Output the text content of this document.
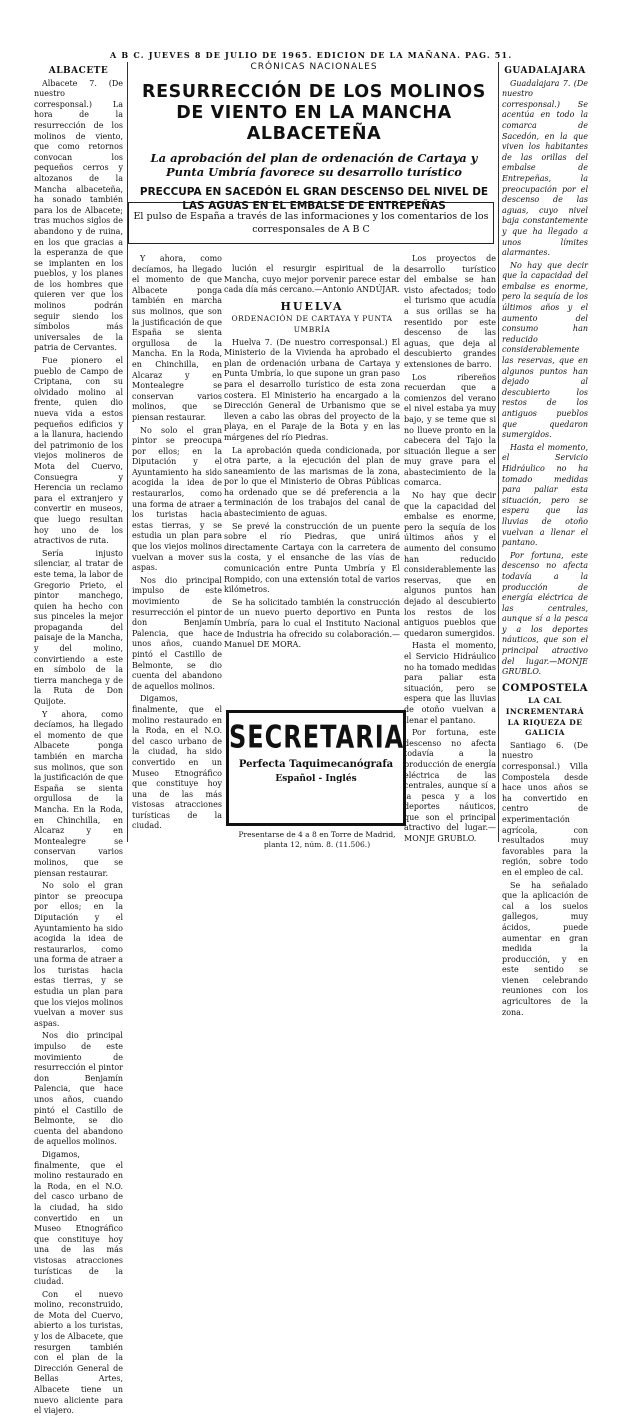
A B C. JUEVES 8 DE JULIO DE 1965. EDICION DE LA MAÑANA. PAG. 51.
ALBACETE

Albacete 7. (De nuestro corresponsal.) La hora de la resurrección de los molinos de viento, que como retornos convocan los pequeños cerros y altozanos de la Mancha albaceteña, ha sonado también para los de Albacete; tras muchos siglos de abandono y de ruina, en los que gracias a la esperanza de que se implanten en los pueblos, y los planes de los hombres que quieren ver que los molinos podrán seguir siendo los símbolos más universales de la patria de Cervantes.

Fue pionero el pueblo de Campo de Criptana, con su olvidado molino al frente, quien dio nueva vida a estos pequeños edificios y a la llanura, haciendo del patrimonio de los viejos molineros de Mota del Cuervo, Consuegra y Herencia un reclamo para el extranjero y convertir en museos, que luego resultan hoy uno de los atractivos de ruta.

Sería injusto silenciar, al tratar de este tema, la labor de Gregorio Prieto, el pintor manchego, quien ha hecho con sus pinceles la mejor propaganda del paisaje de la Mancha, y del molino, convirtiendo a este en símbolo de la tierra manchega y de la Ruta de Don Quijote.

Y ahora, como decíamos, ha llegado el momento de que Albacete ponga también en marcha sus molinos, que son la justificación de que España se sienta orgullosa de la Mancha. En la Roda, en Chinchilla, en Alcaraz y en Montealegre se conservan varios molinos, que se piensan restaurar.

No solo el gran pintor se preocupa por ellos; en la Diputación y el Ayuntamiento ha sido acogida la idea de restaurarlos, como una forma de atraer a los turistas hacia estas tierras, y se estudia un plan para que los viejos molinos vuelvan a mover sus aspas.

Nos dio principal impulso de este movimiento de resurrección el pintor don Benjamín Palencia, que hace unos años, cuando pintó el Castillo de Belmonte, se dio cuenta del abandono de aquellos molinos.

Digamos, finalmente, que el molino restaurado en la Roda, en el N.O. del casco urbano de la ciudad, ha sido convertido en un Museo Etnográfico que constituye hoy una de las más vistosas atracciones turísticas de la ciudad.

Con el nuevo molino, reconstruido, de Mota del Cuervo, abierto a los turistas, y los de Albacete, que resurgen también con el plan de la Dirección General de Bellas Artes, Albacete tiene un nuevo aliciente para el viajero.

CRÓNICAS NACIONALES
RESURRECCIÓN DE LOS MOLINOS DE VIENTO EN LA MANCHA ALBACETEÑA
La aprobación del plan de ordenación de Cartaya y Punta Umbría favorece su desarrollo turístico
PRECCUPA EN SACEDÓN EL GRAN DESCENSO DEL NIVEL DE LAS AGUAS EN EL EMBALSE DE ENTREPEÑAS
El pulso de España a través de las informaciones y los comentarios de los corresponsales de A B C

Y ahora, como decíamos, ha llegado el momento de que Albacete ponga también en marcha sus molinos, que son la justificación de que España se sienta orgullosa de la Mancha. En la Roda, en Chinchilla, en Alcaraz y en Montealegre se conservan varios molinos, que se piensan restaurar.

No solo el gran pintor se preocupa por ellos; en la Diputación y el Ayuntamiento ha sido acogida la idea de restaurarlos, como una forma de atraer a los turistas hacia estas tierras, y se estudia un plan para que los viejos molinos vuelvan a mover sus aspas.

Nos dio principal impulso de este movimiento de resurrección el pintor don Benjamín Palencia, que hace unos años, cuando pintó el Castillo de Belmonte, se dio cuenta del abandono de aquellos molinos.

Digamos, finalmente, que el molino restaurado en la Roda, en el N.O. del casco urbano de la ciudad, ha sido convertido en un Museo Etnográfico que constituye hoy una de las más vistosas atracciones turísticas de la ciudad.

lución el resurgir espiritual de la Mancha, cuyo mejor porvenir parece estar cada día más cercano.—Antonio ANDÚJAR.

HUELVA
ORDENACIÓN DE CARTAYA Y PUNTA UMBRÍA

Huelva 7. (De nuestro corresponsal.) El Ministerio de la Vivienda ha aprobado el plan de ordenación urbana de Cartaya y Punta Umbría, lo que supone un gran paso para el desarrollo turístico de esta zona costera. El Ministerio ha encargado a la Dirección General de Urbanismo que se lleven a cabo las obras del proyecto de la playa, en el Paraje de la Bota y en las márgenes del río Piedras.

La aprobación queda condicionada, por otra parte, a la ejecución del plan de saneamiento de las marismas de la zona, por lo que el Ministerio de Obras Públicas ha ordenado que se dé preferencia a la terminación de los trabajos del canal de abastecimiento de aguas.

Se prevé la construcción de un puente sobre el río Piedras, que unirá directamente Cartaya con la carretera de la costa, y el ensanche de las vías de comunicación entre Punta Umbría y El Rompido, con una extensión total de varios kilómetros.

Se ha solicitado también la construcción de un nuevo puerto deportivo en Punta Umbría, para lo cual el Instituto Nacional de Industria ha ofrecido su colaboración.—Manuel DE MORA.

SECRETARIA
Perfecta Taquimecanógrafa
Español - Inglés
Presentarse de 4 a 8 en Torre de Madrid, planta 12, núm. 8. (11.506.)

Los proyectos de desarrollo turístico del embalse se han visto afectados; todo el turismo que acudía a sus orillas se ha resentido por este descenso de las aguas, que deja al descubierto grandes extensiones de barro.

Los ribereños recuerdan que a comienzos del verano el nivel estaba ya muy bajo, y se teme que si no llueve pronto en la cabecera del Tajo la situación llegue a ser muy grave para el abastecimiento de la comarca.

No hay que decir que la capacidad del embalse es enorme, pero la sequía de los últimos años y el aumento del consumo han reducido considerablemente las reservas, que en algunos puntos han dejado al descubierto los restos de los antiguos pueblos que quedaron sumergidos.

Hasta el momento, el Servicio Hidráulico no ha tomado medidas para paliar esta situación, pero se espera que las lluvias de otoño vuelvan a llenar el pantano.

Por fortuna, este descenso no afecta todavía a la producción de energía eléctrica de las centrales, aunque sí a la pesca y a los deportes náuticos, que son el principal atractivo del lugar.—MONJE GRUBLO.

GUADALAJARA

Guadalajara 7. (De nuestro corresponsal.) Se acentúa en todo la comarca de Sacedón, en la que viven los habitantes de las orillas del embalse de Entrepeñas, la preocupación por el descenso de las aguas, cuyo nivel baja constantemente y que ha llegado a unos límites alarmantes.

No hay que decir que la capacidad del embalse es enorme, pero la sequía de los últimos años y el aumento del consumo han reducido considerablemente las reservas, que en algunos puntos han dejado al descubierto los restos de los antiguos pueblos que quedaron sumergidos.

Hasta el momento, el Servicio Hidráulico no ha tomado medidas para paliar esta situación, pero se espera que las lluvias de otoño vuelvan a llenar el pantano.

Por fortuna, este descenso no afecta todavía a la producción de energía eléctrica de las centrales, aunque sí a la pesca y a los deportes náuticos, que son el principal atractivo del lugar.—MONJE GRUBLO.

COMPOSTELA
LA CAL INCREMENTARÁ LA RIQUEZA DE GALICIA

Santiago 6. (De nuestro corresponsal.) Villa Compostela desde hace unos años se ha convertido en centro de experimentación agrícola, con resultados muy favorables para la región, sobre todo en el empleo de cal.

Se ha señalado que la aplicación de cal a los suelos gallegos, muy ácidos, puede aumentar en gran medida la producción, y en este sentido se vienen celebrando reuniones con los agricultores de la zona.
